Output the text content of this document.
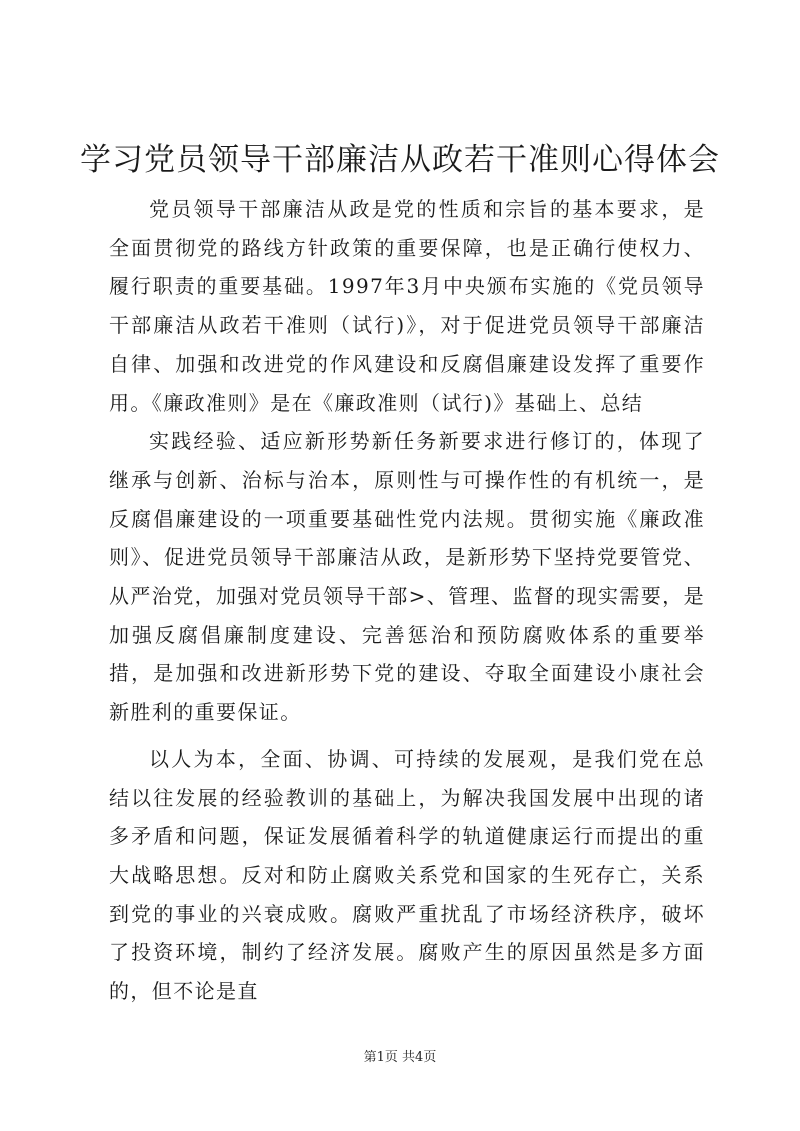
学习党员领导干部廉洁从政若干准则心得体会

党员领导干部廉洁从政是党的性质和宗旨的基本要求，是全面贯彻党的路线方针政策的重要保障，也是正确行使权力、履行职责的重要基础。1997年3月中央颁布实施的《党员领导干部廉洁从政若干准则（试行)》，对于促进党员领导干部廉洁自律、加强和改进党的作风建设和反腐倡廉建设发挥了重要作用。《廉政准则》是在《廉政准则（试行)》基础上、总结

实践经验、适应新形势新任务新要求进行修订的，体现了继承与创新、治标与治本，原则性与可操作性的有机统一，是反腐倡廉建设的一项重要基础性党内法规。贯彻实施《廉政准则》、促进党员领导干部廉洁从政，是新形势下坚持党要管党、从严治党，加强对党员领导干部>、管理、监督的现实需要，是加强反腐倡廉制度建设、完善惩治和预防腐败体系的重要举措，是加强和改进新形势下党的建设、夺取全面建设小康社会新胜利的重要保证。

以人为本，全面、协调、可持续的发展观，是我们党在总结以往发展的经验教训的基础上，为解决我国发展中出现的诸多矛盾和问题，保证发展循着科学的轨道健康运行而提出的重大战略思想。反对和防止腐败关系党和国家的生死存亡，关系到党的事业的兴衰成败。腐败严重扰乱了市场经济秩序，破坏了投资环境，制约了经济发展。腐败产生的原因虽然是多方面的，但不论是直

第1页 共4页
